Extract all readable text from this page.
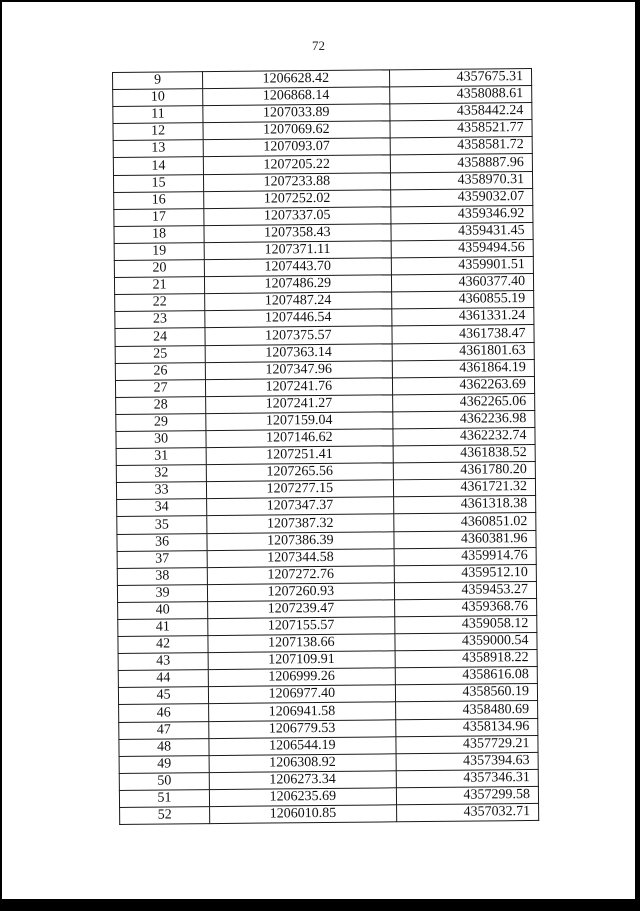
72
9	1206628.42	4357675.31
10	1206868.14	4358088.61
11	1207033.89	4358442.24
12	1207069.62	4358521.77
13	1207093.07	4358581.72
14	1207205.22	4358887.96
15	1207233.88	4358970.31
16	1207252.02	4359032.07
17	1207337.05	4359346.92
18	1207358.43	4359431.45
19	1207371.11	4359494.56
20	1207443.70	4359901.51
21	1207486.29	4360377.40
22	1207487.24	4360855.19
23	1207446.54	4361331.24
24	1207375.57	4361738.47
25	1207363.14	4361801.63
26	1207347.96	4361864.19
27	1207241.76	4362263.69
28	1207241.27	4362265.06
29	1207159.04	4362236.98
30	1207146.62	4362232.74
31	1207251.41	4361838.52
32	1207265.56	4361780.20
33	1207277.15	4361721.32
34	1207347.37	4361318.38
35	1207387.32	4360851.02
36	1207386.39	4360381.96
37	1207344.58	4359914.76
38	1207272.76	4359512.10
39	1207260.93	4359453.27
40	1207239.47	4359368.76
41	1207155.57	4359058.12
42	1207138.66	4359000.54
43	1207109.91	4358918.22
44	1206999.26	4358616.08
45	1206977.40	4358560.19
46	1206941.58	4358480.69
47	1206779.53	4358134.96
48	1206544.19	4357729.21
49	1206308.92	4357394.63
50	1206273.34	4357346.31
51	1206235.69	4357299.58
52	1206010.85	4357032.71
